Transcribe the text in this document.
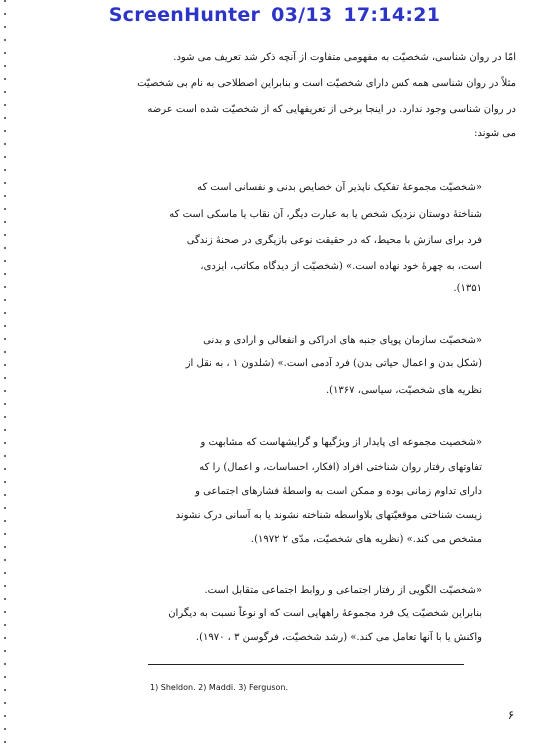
ScreenHunter 03/13 17:14:21
امّا در روان شناسی، شخصیّت به مفهومی متفاوت از آنچه ذکر شد تعریف می شود.
مثلاً در روان شناسی همه کس دارای شخصیّت است و بنابراین اصطلاحی به نام بی شخصیّت
در روان شناسی وجود ندارد. در اینجا برخی از تعریفهایی که از شخصیّت شده است عرضه
می شوند:
«شخصیّت مجموعهٔ تفکیک ناپذیر آن خصایص بدنی و نفسانی است که
شناختهٔ دوستان نزدیک شخص یا به عبارت دیگر، آن نقاب یا ماسکی است که
فرد برای سازش با محیط، که در حقیقت نوعی بازیگری در صحنهٔ زندگی
است، به چهرهٔ خود نهاده است.» (شخصیّت از دیدگاه مکاتب، ایزدی،
۱۳۵۱).
«شخصیّت سازمان پویای جنبه های ادراکی و انفعالی و ارادی و بدنی
(شکل بدن و اعمال حیاتی بدن) فرد آدمی است.» (شلدون ۱ ، به نقل از
نظریه های شخصیّت، سیاسی، ۱۳۶۷).
«شخصیت مجموعه ای پایدار از ویژگیها و گرایشهاست که مشابهت و
تفاوتهای رفتار روان شناختی افراد (افکار، احساسات، و اعمال) را که
دارای تداوم زمانی بوده و ممکن است به واسطهٔ فشارهای اجتماعی و
زیست شناختی موقعیّتهای بلاواسطه شناخته نشوند یا به آسانی درک نشوند
مشخص می کند.» (نظریه های شخصیّت، مدّی ۲ ۱۹۷۲).
«شخصیّت الگویی از رفتار اجتماعی و روابط اجتماعی متقابل است.
بنابراین شخصیّت یک فرد مجموعهٔ راههایی است که او نوعاً نسبت به دیگران
واکنش یا با آنها تعامل می کند.» (رشد شخصیّت، فرگوسن ۳ ، ۱۹۷۰).
1) Sheldon. 2) Maddi. 3) Ferguson.
۶
